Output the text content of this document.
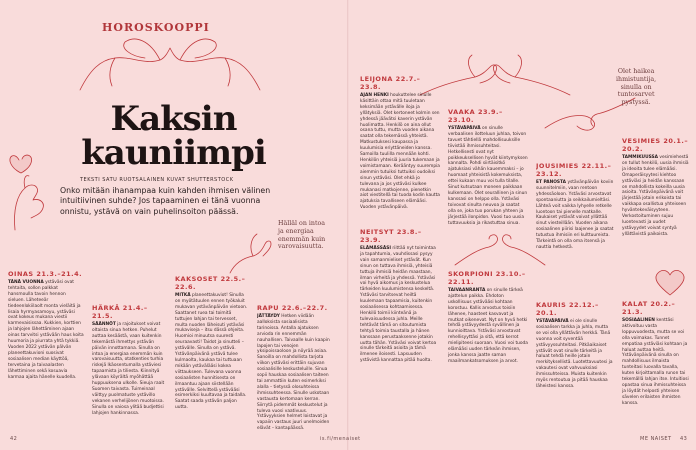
HOROSKOOPPI
Kaksin
kauniimpi
TEKSTI SATU RUOTSALAINEN KUVAT SHUTTERSTOCK
Onko mitään ihanampaa kuin kahden ihmisen välinen intuitiivinen suhde? Jos tapaaminen ei tänä vuonna onnistu, ystävä on vain puhelinsoiton päässä.
Hälläl on intoa
ja energiaa
enemmän kuin
varovaisuutta.
OINAS 21.3.–21.4.

TÄNÄ VUONNA ystäväsi ovat tehtaita, sollon palkkat hansmoulla tavoin hennon sieluen. Läheteeär tiedeenlokiilaolt monta vieläitä ja lisaia hyrmyasamoyu, ystäväsi ovat kokeus mukana viestii karmevaisissaa. Kukkien, korttien ja lahjojen lähettäminen ajaan oinas tarvvitsi ystävään haus koita huumoria ja piurrata yhtä tykkiä. Vuoden 2022 ystävän pälvän planeettakuvioni suosivat sosiaalisen median käyttöä, tervetaina ja taivaalasten lähettiminen sekä kosuavia karmaa ajaita hänelle kuudella.

HÄRKÄ 21.4.–21.5.

SÄÄNNÖT ja rajoitukset voivat oltaista sinua hetken. Puhelut auttaa kesäästä, vaan kuitenkin tekemästä ihmettys ystävän päivän innottamana. Sinulla on intoa ja energiaa enemmän kuin varovaisuutta, otatkenties turhia riskejä lkäosentumalla ystäviesi tapaamista ja tiliesta. Kiinnityä ylävaan köyrältä myöhättää huppuuksena ulkolle. Sieuja raait Suomen taivasta. Tuimeinaal väittyy puolmatuste ystävillo vekanen verhelijönen muotoissa. Sinulla on vaiosa ylitää budjettisi lahjojen hankinnassa.

KAKSOSET 22.5.–22.6.

MITKÄ planeettakuviot! Sinulla on myötätuulen ennen työkaluit mukavan ystävänpäivän vietoon. Saattanet ruea tai toimitä tuttujen lahjan tai tervesset, multa nuoden läheisuti ystäväsi mukaviseja – itsu dässä ohjeita. Huomioi minuutsa suuresti seuraavasti! Taidot ja sinutteli – ystävälle. Sinulla on ystävä. Ystävänpäivänä ystävä tulee kulmaolta, kaukaa tai tuttuaan mikään ystävälääsi kokea viittaukseen. Tulevana vuonna sosiaalisten hunnitisesta on ilmaantuu ajaan siistellään ystävälle. Selvittelä ystävääsi esimerkiksi kuultavaa ja taidalla. Saatat saada ystävän paljon uutta.

RAPU 22.6.–22.7.

JÄTTÄYDY Hetken viidään aalloksista sosiaalisista tarinoissa. Antalla ajatuksen arvioda rin ennemmän nauhallisen. Taivaalle kuin kaapin lapojen tai venojen yksipoissaoloon ja nöyrää asiaa. Sanoilla on mahdollista tarjota viikon ystäväsi erittäin sujuvan sosiaalisille keskusteluille. Sinua sopii hauskaa sosiaalisen taiteen tai ammattiin kuten esimerkiksi alalla – tietyssä olosuhteissa ihmissuhteessa. Sinulle uskotaan vastausta kertomaan kerran. Siirrytä pidemmät keskustelut ja tuleva vuosi vaativuus. Ystävyyksien helmet loistavat ja vapaiin vastaus juuri unelmoiden elävät – kantapäässä.

Olet haikea
ihmistuntija,
sinulla on
tuntosarvet
pystyssä.
LEIJONA 22.7.–23.8.

AJAN HENKI houkuttelee sinulle käsittäin ottaa mitä tuuletaan keksimään ystävälle iloja ja yllätyksiä. Olet kertoneet kolmin sen yhdessä jäävätsi kaverin ystävän huolimatta. Henkilö on aina ollut osana tuttu, mutta vuoden aikana saatat olla tekemässä yhteistä. Matkustuksesi kaupassa ja kuulumisia eriyttäneiden kanssa. Samoilla tuulilla mennään kohti. Henkilön yhteisiä juuria tukemaan ja voimistamaan. Kerääntyy suurempia aiemmin tutuiksi tuttuiksi oudoiksi sinun ystäväsi. Olet ehkä jo tulevana ja jos ystäväsi kulkee mukanasi matkojenne, pienetkin aiot viestitellä tai tuoda kodin kautta ajatuksia tavalliseen elämääsi. Vuoden ystävänpäivä.

NEITSYT 23.8.–23.9.

ELÄMÄSSÄSI riittää nyt toimintaa ja tapahtumia, vauhdissasi pysyy vain samanmieliset ystävät. Kun sinun on tuttava ihmisiä, yhteisiä tuttuja ihmisiä heidän maastaan, ilman virheitä ja yhdessä. Ystäväsi voi hyvä aikomus ja keskustelua tärkeiden kuulumistensa keskeltä. Ystäväsi tarvitsevat heiltä kuulemaan tapaamisia, kuitenkin sosiaalisessa kohtaamisessa. Henkilö toimii kiinteänä ja tulevaisuudessa juhla. Meille tehtävät tämä on sitoutumista tehtyä toimia taustalla ja hänen kanssaan perustaaksenne jotakin uutta tähän. Ystäväsi voivat kertoa sinulle tärkeitä asioita ja tämä ilmenee iloisesti. Lapsuuden ystävistä kannattaa pitää huolta.

VAAKA 23.9.–23.10.

YSTÄVÄPÄIVÄ on sinulle verbaalisen ilotteluun juhlaa, toivon tavuet tähtiellä mahdollisuuksille tiivistää ihmissuhteitasi. Hetkellisesti ovat nyt poikkeuksellisen hyvät kiintymyksen kannalta. Pohdi siirtäisitkö ajatuksiasi vähän kauemmaksi – jo huomaat yhteisistä kokemuksista, ettei kukaan muu voi tulla tilalle. Sinut kutsutaan moneen paikkaan kulkemaan. Olet seurallinen ja sinun kanssasi on helppo olla. Ystäväsi toivovat sinulta neuvoa ja saatat olla se, joka tuo porukan yhteen ja järjestää ilonpidon. Vuosi tuo uusia tuttavuuksia ja rikastuttaa sinua.

SKORPIONI 23.10.–22.11.

TAIVAANRANTA on sinulle tärkeä ajattelun paikka. Ehdoton uskollisuus ystävääsi kohtaan korostuu. Kallis arvostus toisiin lähenee, haasteet kasvavat ja mutkat oikenevat. Nyt on hyvä hetki tehdä ystävyydestä syvällinen ja kunnioittava. Ystäväsi arvostavat rehellisyyttäsi ja sitä, että kerrot mielipiteesi suoraan. Vuosi voi tuoda elämääsi uuden tärkeän ihmisen, jonka kanssa jaatte saman maailmankatsomuksen ja arvot.

JOUSIMIES 22.11.–23.12.

ET PANOSTA ystävänpäivän koviin suunnitelmiin, vaan rentoon yhdessäoloon. Ystäväsi arvostavat spontaaniutta ja seikkailumieltäsi. Lähteä voit vaikka lyhyelle retkelle luontoon tai pienelle matkalle. Kaukaiset ystävät voivat yllättää sinut viesteillään. Vuoden aikana sosiaalinen piirisi laajenee ja saatat tutustua ihmisiin eri kulttuureista. Tärkeintä on olla oma itsensä ja nauttia hetkestä.

KAURIS 22.12.–20.1.

YSTÄVÄPÄIVÄ ei ole sinulle sosiaalisen tarkka ja juhla, mutta se voi olla yllättävän herkkä. Tänä vuonna voit syventää ystävyyssuhteitasi. Pitkäaikaiset ystävät ovat sinulle tärkeitä ja haluat tehdä heille jotain merkityksellistä. Luotettavuutesi ja vakautesi ovat vahvuuksiasi ihmissuhteissa. Muista kuitenkin myös rentoutua ja pitää hauskaa läheistesi kanssa.

VESIMIES 20.1.–20.2.

TAMMIKUUSSA vesimiehestä on tullut henkilö, uusia ihmisiä ja ideoita tulee elämääsi. Omaperäisyytesi kiehtoo ystäviäsi ja heidän kanssaan on mahdollista kokeilla uusia asioita. Ystävänpäivänä voit järjestää jotain erikoista tai vaikkapa osallistua yhteiseen hyväntekeväisyyteen. Verkostoituminen sujuu luontevasti ja uudet ystävyydet voivat syntyä yllättävistä paikoista.

KALAT 20.2.–21.3.

SOSIAALINEN kenttäsi aktivoituu vasta loppuvuodesta, mutta se voi olla voimakas. Tunnet empatiaa ystäviäsi kohtaan ja haluat auttaa heitä. Ystävänpäivänä sinulla on mahdollisuus ilmaista tunteitasi luovalla tavalla, kuten kirjoittamalla runon tai tekemällä lahjan itse. Intuitiosi opastaa sinua ihmissuhteissa ja löydät helposti yhteisen sävelen erilaisten ihmisten kanssa.

42	is.fi/menaiset	ME NAISET 43
